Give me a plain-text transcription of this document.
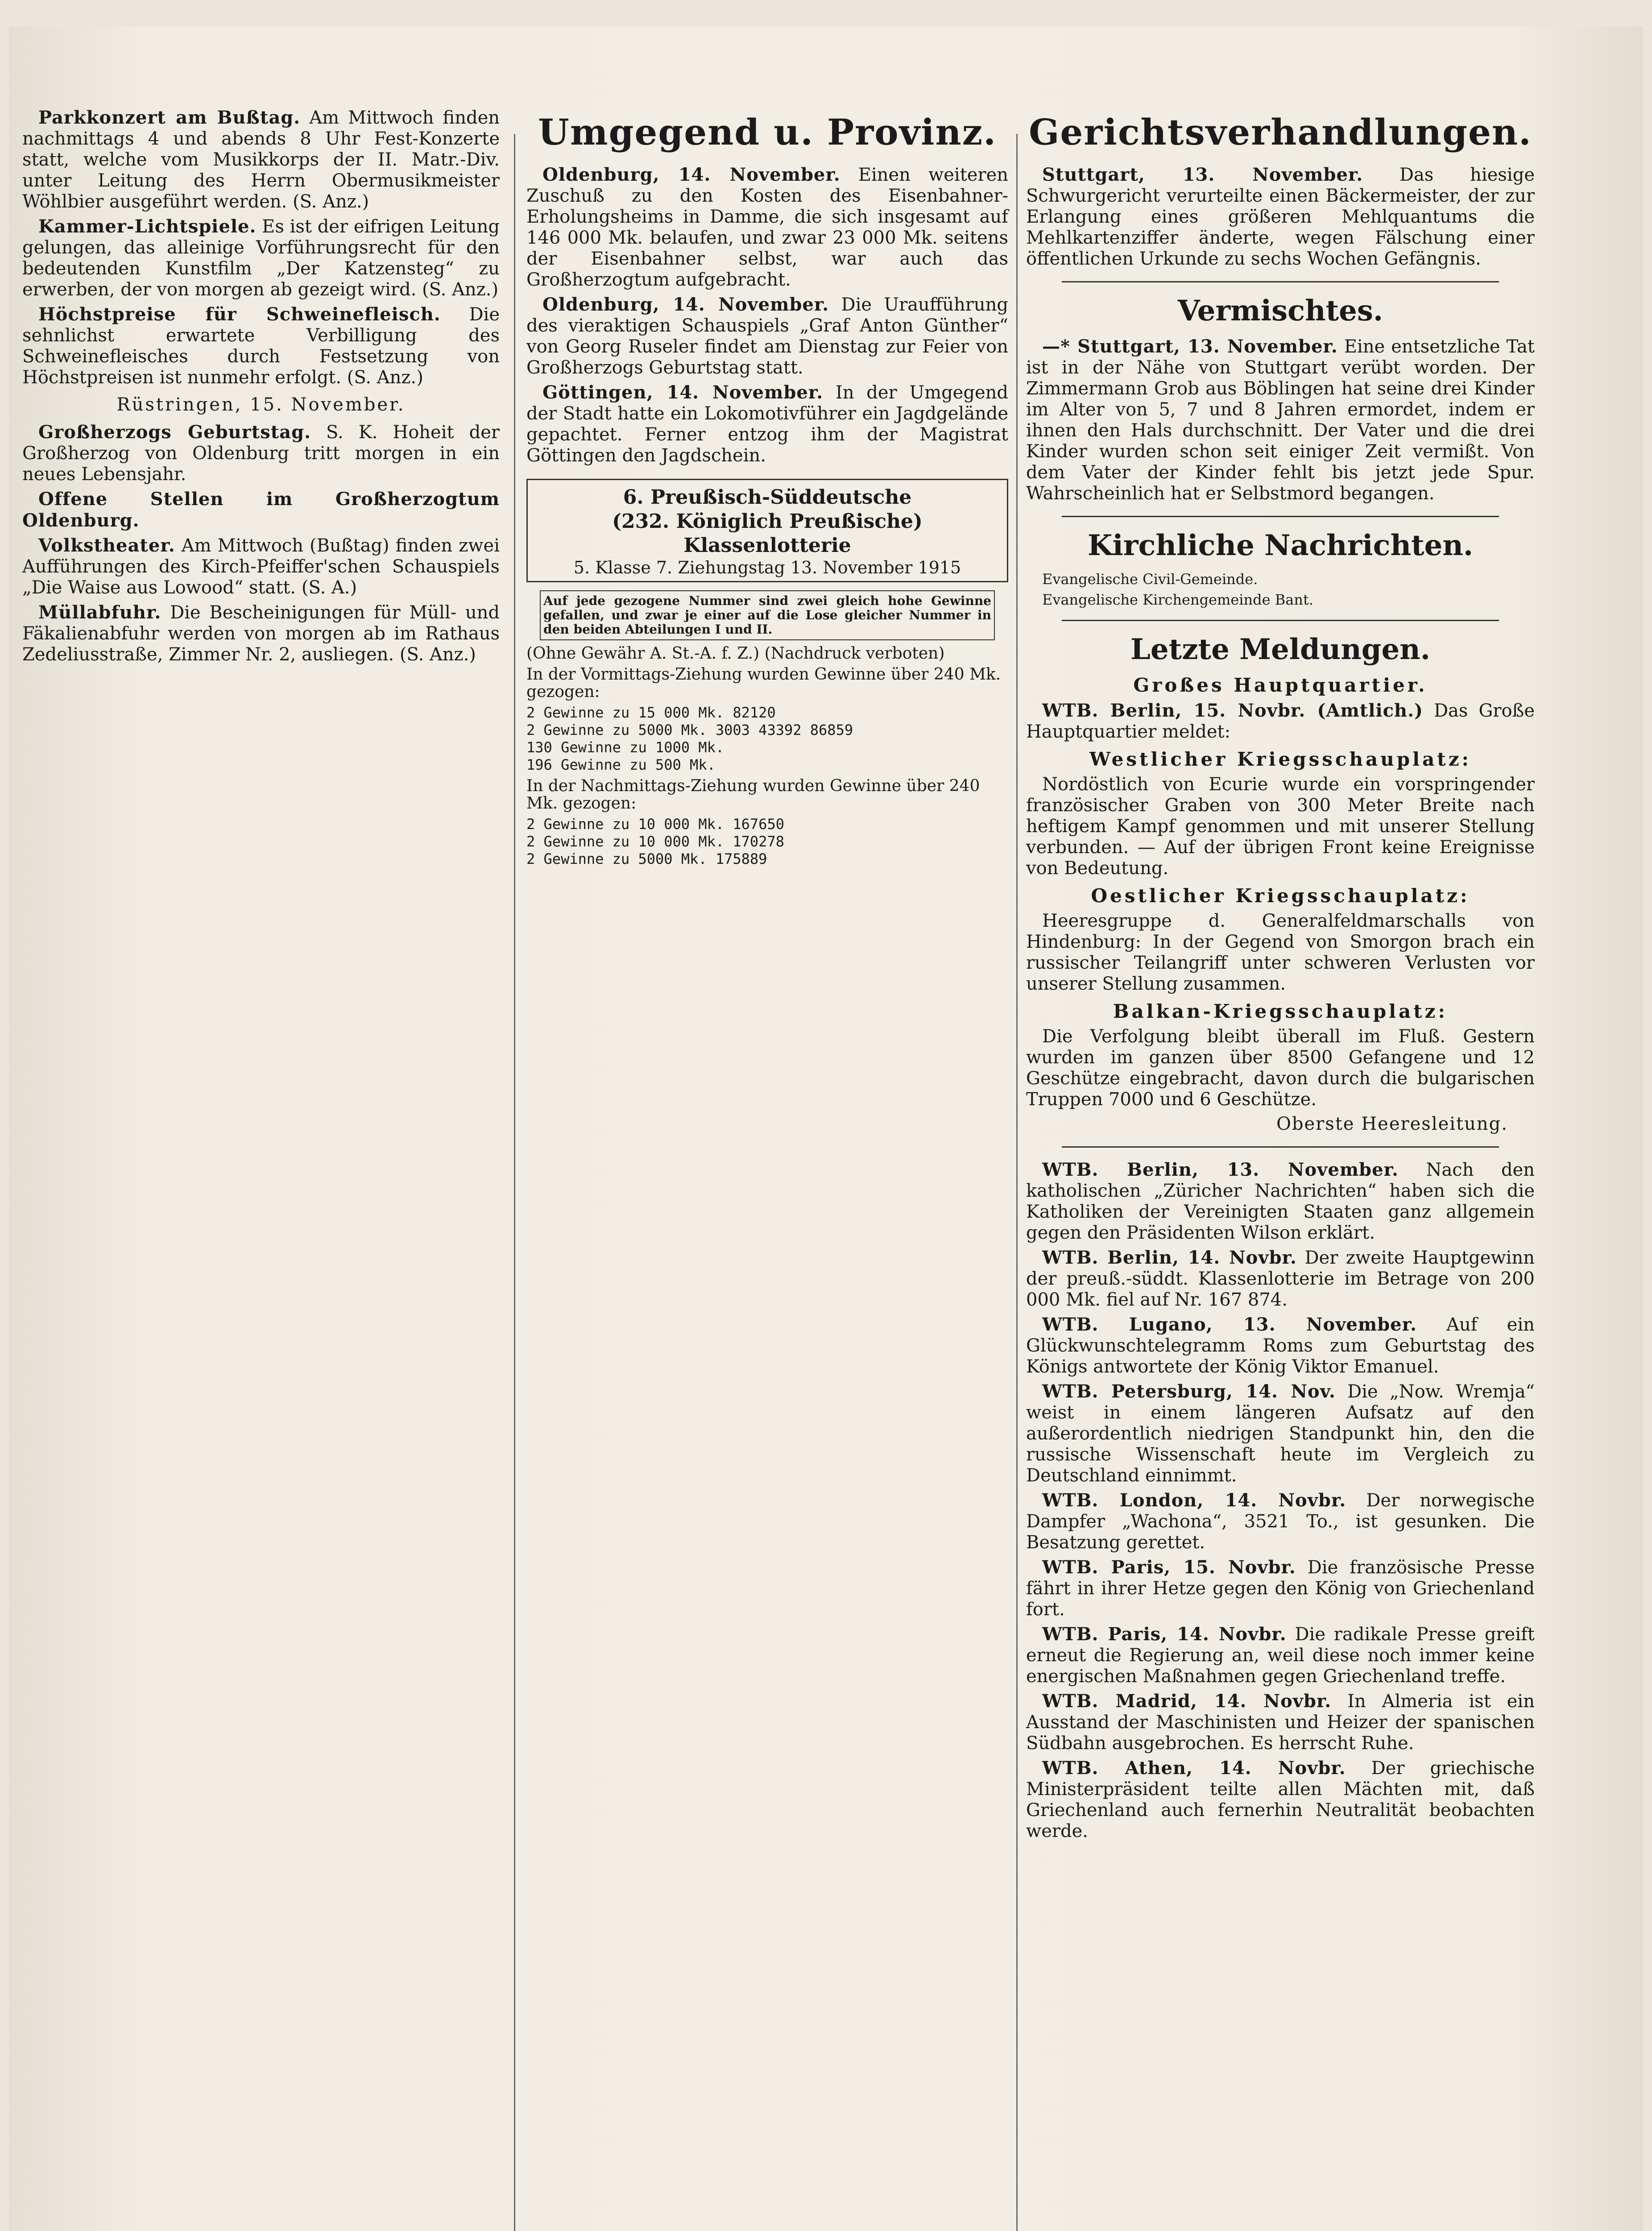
Parkkonzert am Bußtag. Am Mittwoch finden nachmittags 4 und abends 8 Uhr Fest-Konzerte statt, welche vom Musikkorps der II. Matr.-Div. unter Leitung des Herrn Obermusikmeister Wöhlbier ausgeführt werden. (S. Anz.)

Kammer-Lichtspiele. Es ist der eifrigen Leitung gelungen, das alleinige Vorführungsrecht für den bedeutenden Kunstfilm „Der Katzensteg“ zu erwerben, der von morgen ab gezeigt wird. (S. Anz.)

Höchstpreise für Schweinefleisch. Die sehnlichst erwartete Verbilligung des Schweinefleisches durch Festsetzung von Höchstpreisen ist nunmehr erfolgt. (S. Anz.)

Rüstringen, 15. November.

Großherzogs Geburtstag. S. K. Hoheit der Großherzog von Oldenburg tritt morgen in ein neues Lebensjahr.

Offene Stellen im Großherzogtum Oldenburg.

Volkstheater. Am Mittwoch (Bußtag) finden zwei Aufführungen des Kirch-Pfeiffer'schen Schauspiels „Die Waise aus Lowood“ statt. (S. A.)

Müllabfuhr. Die Bescheinigungen für Müll- und Fäkalienabfuhr werden von morgen ab im Rathaus Zedeliusstraße, Zimmer Nr. 2, ausliegen. (S. Anz.)

Umgegend u. Provinz.

Oldenburg, 14. November. Einen weiteren Zuschuß zu den Kosten des Eisenbahner-Erholungsheims in Damme, die sich insgesamt auf 146 000 Mk. belaufen, und zwar 23 000 Mk. seitens der Eisenbahner selbst, war auch das Großherzogtum aufgebracht.

Oldenburg, 14. November. Die Uraufführung des vieraktigen Schauspiels „Graf Anton Günther“ von Georg Ruseler findet am Dienstag zur Feier von Großherzogs Geburtstag statt.

Göttingen, 14. November. In der Umgegend der Stadt hatte ein Lokomotivführer ein Jagdgelände gepachtet. Ferner entzog ihm der Magistrat Göttingen den Jagdschein.

6. Preußisch-Süddeutsche
(232. Königlich Preußische) Klassenlotterie
5. Klasse 7. Ziehungstag 13. November 1915
Auf jede gezogene Nummer sind zwei gleich hohe Gewinne gefallen, und zwar je einer auf die Lose gleicher Nummer in den beiden Abteilungen I und II.
(Ohne Gewähr A. St.-A. f. Z.) (Nachdruck verboten)
In der Vormittags-Ziehung wurden Gewinne über 240 Mk. gezogen:
2 Gewinne zu 15 000 Mk. 82120
2 Gewinne zu 5000 Mk. 3003 43392 86859
130 Gewinne zu 1000 Mk.
196 Gewinne zu 500 Mk.
In der Nachmittags-Ziehung wurden Gewinne über 240 Mk. gezogen:
2 Gewinne zu 10 000 Mk. 167650
2 Gewinne zu 10 000 Mk. 170278
2 Gewinne zu 5000 Mk. 175889
Gerichtsverhandlungen.

Stuttgart, 13. November. Das hiesige Schwurgericht verurteilte einen Bäckermeister, der zur Erlangung eines größeren Mehlquantums die Mehlkartenziffer änderte, wegen Fälschung einer öffentlichen Urkunde zu sechs Wochen Gefängnis.

Vermischtes.

—* Stuttgart, 13. November. Eine entsetzliche Tat ist in der Nähe von Stuttgart verübt worden. Der Zimmermann Grob aus Böblingen hat seine drei Kinder im Alter von 5, 7 und 8 Jahren ermordet, indem er ihnen den Hals durchschnitt. Der Vater und die drei Kinder wurden schon seit einiger Zeit vermißt. Von dem Vater der Kinder fehlt bis jetzt jede Spur. Wahrscheinlich hat er Selbstmord begangen.

Kirchliche Nachrichten.

Evangelische Civil-Gemeinde.

Evangelische Kirchengemeinde Bant.

Letzte Meldungen.
Großes Hauptquartier.

WTB. Berlin, 15. Novbr. (Amtlich.) Das Große Hauptquartier meldet:

Westlicher Kriegsschauplatz:

Nordöstlich von Ecurie wurde ein vorspringender französischer Graben von 300 Meter Breite nach heftigem Kampf genommen und mit unserer Stellung verbunden. — Auf der übrigen Front keine Ereignisse von Bedeutung.

Oestlicher Kriegsschauplatz:

Heeresgruppe d. Generalfeldmarschalls von Hindenburg: In der Gegend von Smorgon brach ein russischer Teilangriff unter schweren Verlusten vor unserer Stellung zusammen.

Balkan-Kriegsschauplatz:

Die Verfolgung bleibt überall im Fluß. Gestern wurden im ganzen über 8500 Gefangene und 12 Geschütze eingebracht, davon durch die bulgarischen Truppen 7000 und 6 Geschütze.

Oberste Heeresleitung.

WTB. Berlin, 13. November. Nach den katholischen „Züricher Nachrichten“ haben sich die Katholiken der Vereinigten Staaten ganz allgemein gegen den Präsidenten Wilson erklärt.

WTB. Berlin, 14. Novbr. Der zweite Hauptgewinn der preuß.-süddt. Klassenlotterie im Betrage von 200 000 Mk. fiel auf Nr. 167 874.

WTB. Lugano, 13. November. Auf ein Glückwunschtelegramm Roms zum Geburtstag des Königs antwortete der König Viktor Emanuel.

WTB. Petersburg, 14. Nov. Die „Now. Wremja“ weist in einem längeren Aufsatz auf den außerordentlich niedrigen Standpunkt hin, den die russische Wissenschaft heute im Vergleich zu Deutschland einnimmt.

WTB. London, 14. Novbr. Der norwegische Dampfer „Wachona“, 3521 To., ist gesunken. Die Besatzung gerettet.

WTB. Paris, 15. Novbr. Die französische Presse fährt in ihrer Hetze gegen den König von Griechenland fort.

WTB. Paris, 14. Novbr. Die radikale Presse greift erneut die Regierung an, weil diese noch immer keine energischen Maßnahmen gegen Griechenland treffe.

WTB. Madrid, 14. Novbr. In Almeria ist ein Ausstand der Maschinisten und Heizer der spanischen Südbahn ausgebrochen. Es herrscht Ruhe.

WTB. Athen, 14. Novbr. Der griechische Ministerpräsident teilte allen Mächten mit, daß Griechenland auch fernerhin Neutralität beobachten werde.
